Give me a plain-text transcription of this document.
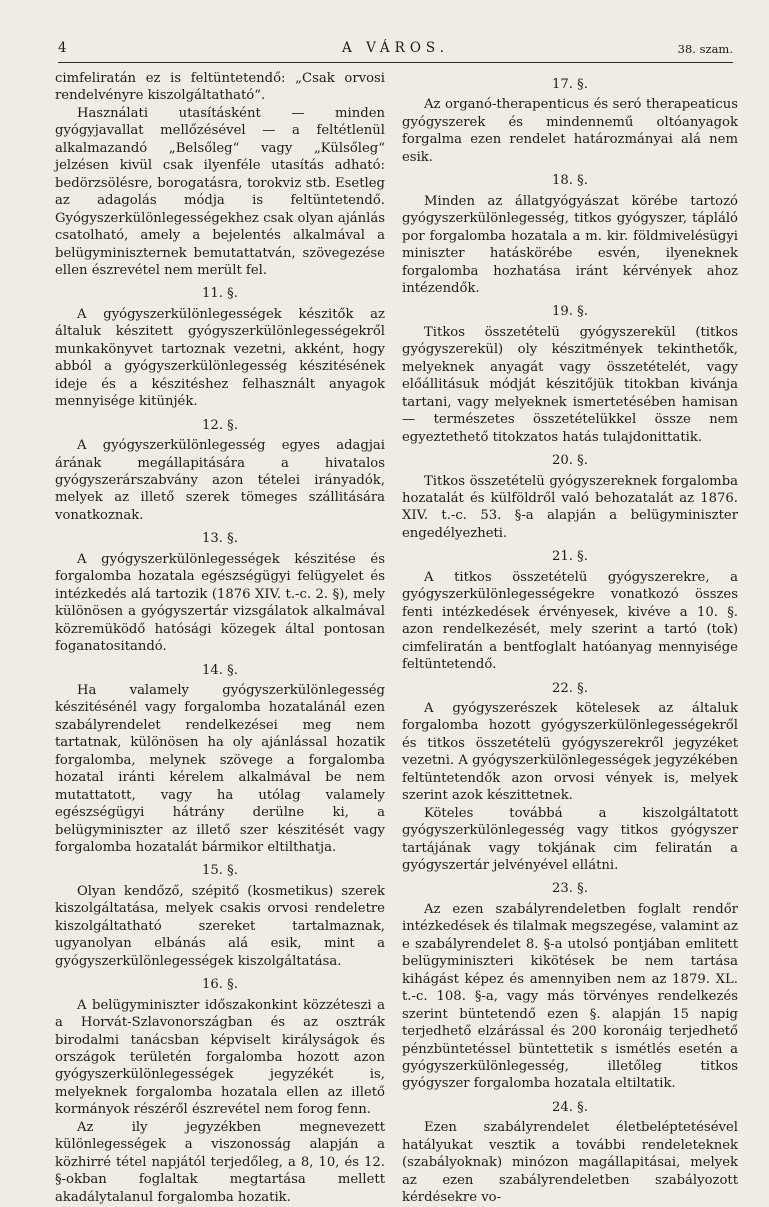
4	A VÁROS.	38. szam.

cimfeliratán ez is feltüntetendő: „Csak orvosi rendelvényre kiszolgáltatható“.

Használati utasításként — minden gyógyjavallat mellőzésével — a feltétlenül alkalmazandó „Belsőleg“ vagy „Külsőleg“ jelzésen kivül csak ilyenféle utasítás adható: bedörzsölésre, borogatásra, torokviz stb. Esetleg az adagolás módja is feltüntetendő. Gyógyszerkülönlegességekhez csak olyan ajánlás csatolható, amely a bejelentés alkalmával a belügyminiszternek bemutattatván, szövegezése ellen észrevétel nem merült fel.

11. §.

A gyógyszerkülönlegességek készitők az általuk készitett gyógyszerkülönlegességekről munkakönyvet tartoznak vezetni, akként, hogy abból a gyógyszerkülönlegesség készitésének ideje és a készitéshez felhasznált anyagok mennyisége kitünjék.

12. §.

A gyógyszerkülönlegesség egyes adagjai árának megállapitására a hivatalos gyógyszerárszabvány azon tételei irányadók, melyek az illető szerek tömeges szállitására vonatkoznak.

13. §.

A gyógyszerkülönlegességek készitése és forgalomba hozatala egészségügyi felügyelet és intézkedés alá tartozik (1876 XIV. t.-c. 2. §), mely különösen a gyógyszertár vizsgálatok alkalmával közremüködő hatósági közegek által pontosan foganatositandó.

14. §.

Ha valamely gyógyszerkülönlegesség készitésénél vagy forgalomba hozatalánál ezen szabályrendelet rendelkezései meg nem tartatnak, különösen ha oly ajánlással hozatik forgalomba, melynek szövege a forgalomba hozatal iránti kérelem alkalmával be nem mutattatott, vagy ha utólag valamely egészségügyi hátrány derülne ki, a belügyminiszter az illető szer készitését vagy forgalomba hozatalát bármikor eltilthatja.

15. §.

Olyan kendőző, szépitő (kosmetikus) szerek kiszolgáltatása, melyek csakis orvosi rendeletre kiszolgáltatható szereket tartalmaznak, ugyanolyan elbánás alá esik, mint a gyógyszerkülönlegességek kiszolgáltatása.

16. §.

A belügyminiszter időszakonkint közzéteszi a a Horvát-Szlavonországban és az osztrák birodalmi tanácsban képviselt királyságok és országok területén forgalomba hozott azon gyógyszerkülönlegességek jegyzékét is, melyeknek forgalomba hozatala ellen az illető kormányok részéről észrevétel nem forog fenn.

Az ily jegyzékben megnevezett különlegességek a viszonosság alapján a közhirré tétel napjától terjedőleg, a 8, 10, és 12. §-okban foglaltak megtartása mellett akadálytalanul forgalomba hozatik.

17. §.

Az organó-therapenticus és seró therapeaticus gyógyszerek és mindennemű oltóanyagok forgalma ezen rendelet határozmányai alá nem esik.

18. §.

Minden az állatgyógyászat körébe tartozó gyógyszerkülönlegesség, titkos gyógyszer, tápláló por forgalomba hozatala a m. kir. földmivelésügyi miniszter hatáskörébe esvén, ilyeneknek forgalomba hozhatása iránt kérvények ahoz intézendők.

19. §.

Titkos összetételü gyógyszerekül (titkos gyógyszerekül) oly készitmények tekinthetők, melyeknek anyagát vagy összetételét, vagy előállitásuk módját készitőjük titokban kivánja tartani, vagy melyeknek ismertetésében hamisan — természetes összetételükkel össze nem egyeztethető titokzatos hatás tulajdonittatik.

20. §.

Titkos összetételü gyógyszereknek forgalomba hozatalát és külföldről való behozatalát az 1876. XIV. t.-c. 53. §-a alapján a belügyminiszter engedélyezheti.

21. §.

A titkos összetételü gyógyszerekre, a gyógyszerkülönlegességekre vonatkozó összes fenti intézkedések érvényesek, kivéve a 10. §. azon rendelkezését, mely szerint a tartó (tok) cimfeliratán a bentfoglalt hatóanyag mennyisége feltüntetendő.

22. §.

A gyógyszerészek kötelesek az általuk forgalomba hozott gyógyszerkülönlegességekről és titkos összetételü gyógyszerekről jegyzéket vezetni. A gyógyszerkülönlegességek jegyzékében feltüntetendők azon orvosi vények is, melyek szerint azok készittetnek.

Köteles továbbá a kiszolgáltatott gyógyszerkülönlegesség vagy titkos gyógyszer tartájának vagy tokjának cim feliratán a gyógyszertár jelvényével ellátni.

23. §.

Az ezen szabályrendeletben foglalt rendőr intézkedések és tilalmak megszegése, valamint az e szabályrendelet 8. §-a utolsó pontjában emlitett belügyminiszteri kikötések be nem tartása kihágást képez és amennyiben nem az 1879. XL. t.-c. 108. §-a, vagy más törvényes rendelkezés szerint büntetendő ezen §. alapján 15 napig terjedhető elzárással és 200 koronáig terjedhető pénzbüntetéssel büntettetik s ismétlés esetén a gyógyszerkülönlegesség, illetőleg titkos gyógyszer forgalomba hozatala eltiltatik.

24. §.

Ezen szabályrendelet életbeléptetésével hatályukat vesztik a további rendeleteknek (szabályoknak) minózon magállapitásai, melyek az ezen szabályrendeletben szabályozott kérdésekre vo-
